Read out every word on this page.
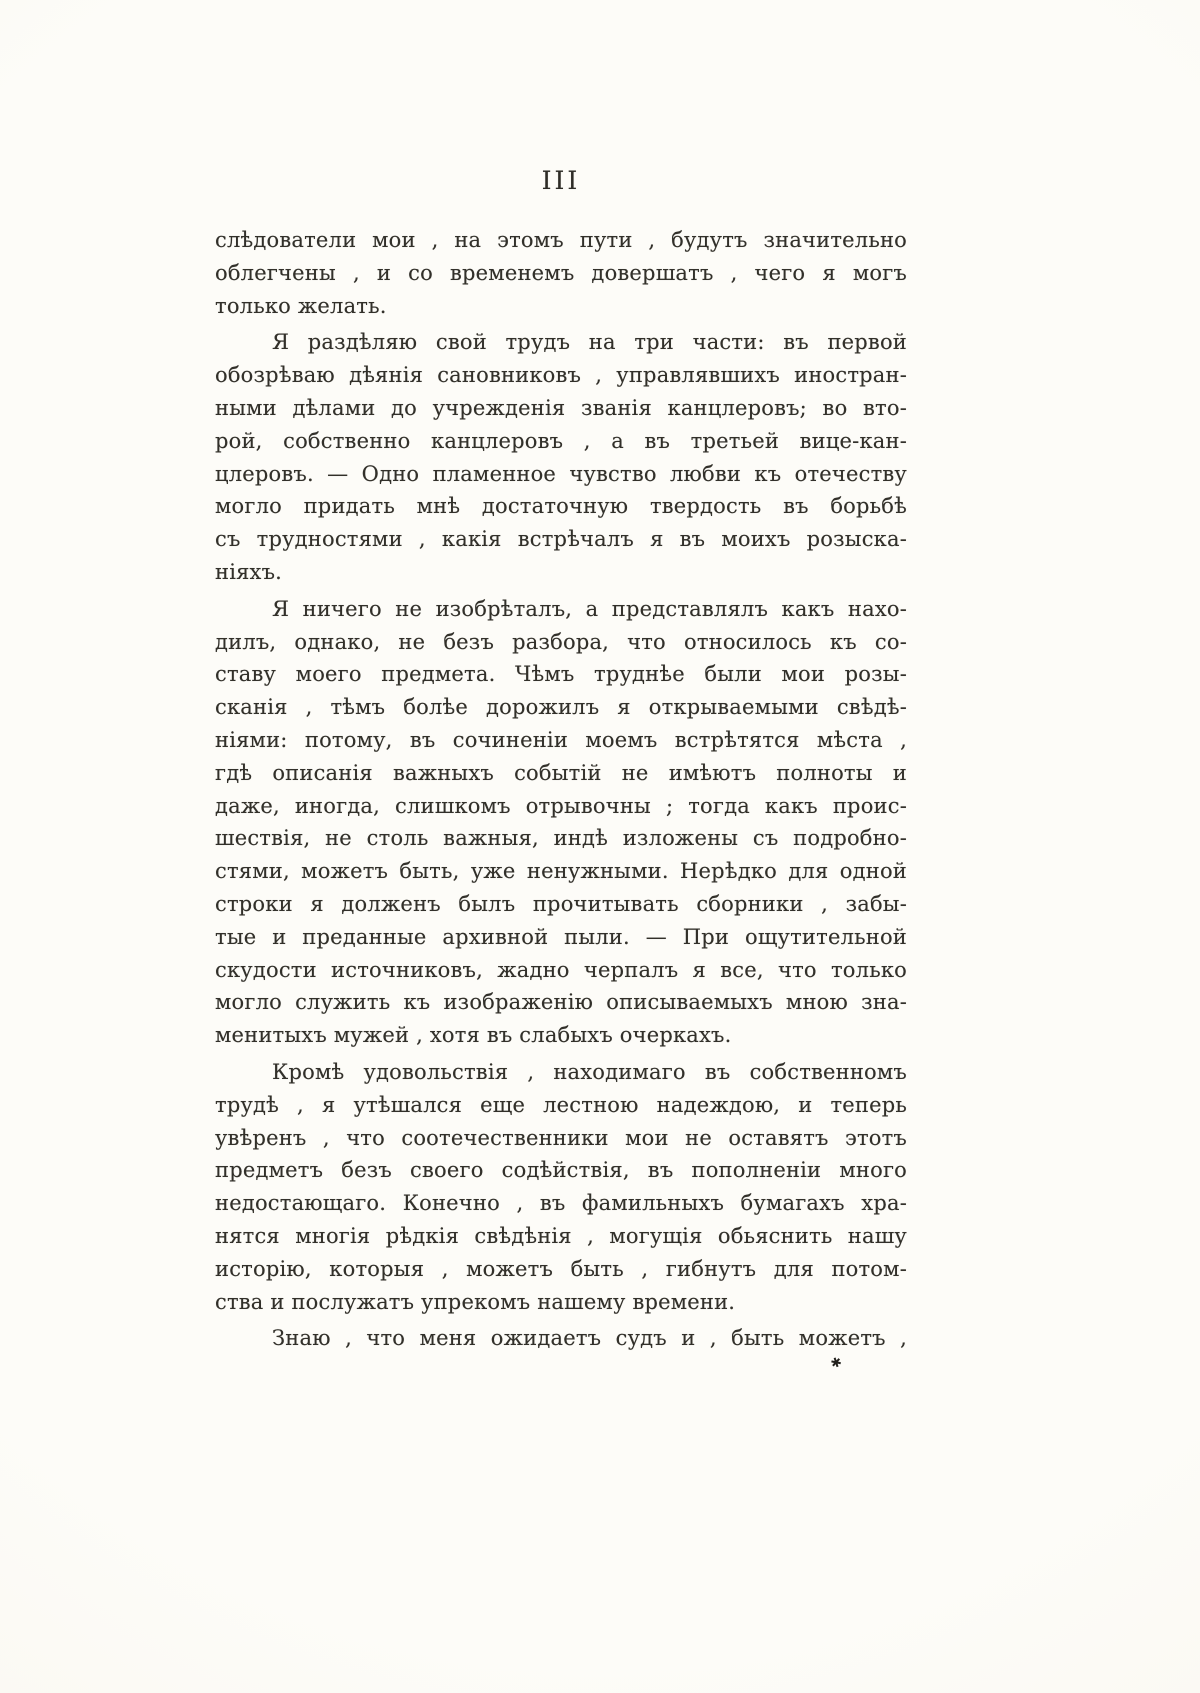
III

слѣдователи мои , на этомъ пути , будутъ значительно
облегчены , и со временемъ довершатъ , чего я могъ
только желать.

Я раздѣляю свой трудъ на три части: въ первой
обозрѣваю дѣянія сановниковъ , управлявшихъ иностран-
ными дѣлами до учрежденія званія канцлеровъ; во вто-
рой, собственно канцлеровъ , а въ третьей вице-кан-
цлеровъ. — Одно пламенное чувство любви къ отечеству
могло придать мнѣ достаточную твердость въ борьбѣ
съ трудностями , какія встрѣчалъ я въ моихъ розыска-
ніяхъ.

Я ничего не изобрѣталъ, а представлялъ какъ нахо-
дилъ, однако, не безъ разбора, что относилось къ со-
ставу моего предмета. Чѣмъ труднѣе были мои розы-
сканія , тѣмъ болѣе дорожилъ я открываемыми свѣдѣ-
ніями: потому, въ сочиненіи моемъ встрѣтятся мѣста ,
гдѣ описанія важныхъ событій не имѣютъ полноты и
даже, иногда, слишкомъ отрывочны ; тогда какъ проис-
шествія, не столь важныя, индѣ изложены съ подробно-
стями, можетъ быть, уже ненужными. Нерѣдко для одной
строки я долженъ былъ прочитывать сборники , забы-
тые и преданные архивной пыли. — При ощутительной
скудости источниковъ, жадно черпалъ я все, что только
могло служить къ изображенію описываемыхъ мною зна-
менитыхъ мужей , хотя въ слабыхъ очеркахъ.

Кромѣ удовольствія , находимаго въ собственномъ
трудѣ , я утѣшался еще лестною надеждою, и теперь
увѣренъ , что соотечественники мои не оставятъ этотъ
предметъ безъ своего содѣйствія, въ пополненіи много
недостающаго. Конечно , въ фамильныхъ бумагахъ хра-
нятся многія рѣдкія свѣдѣнія , могущія обьяснить нашу
исторію, которыя , можетъ быть , гибнутъ для потом-
ства и послужатъ упрекомъ нашему времени.

Знаю , что меня ожидаетъ судъ и , быть можетъ ,

✱
